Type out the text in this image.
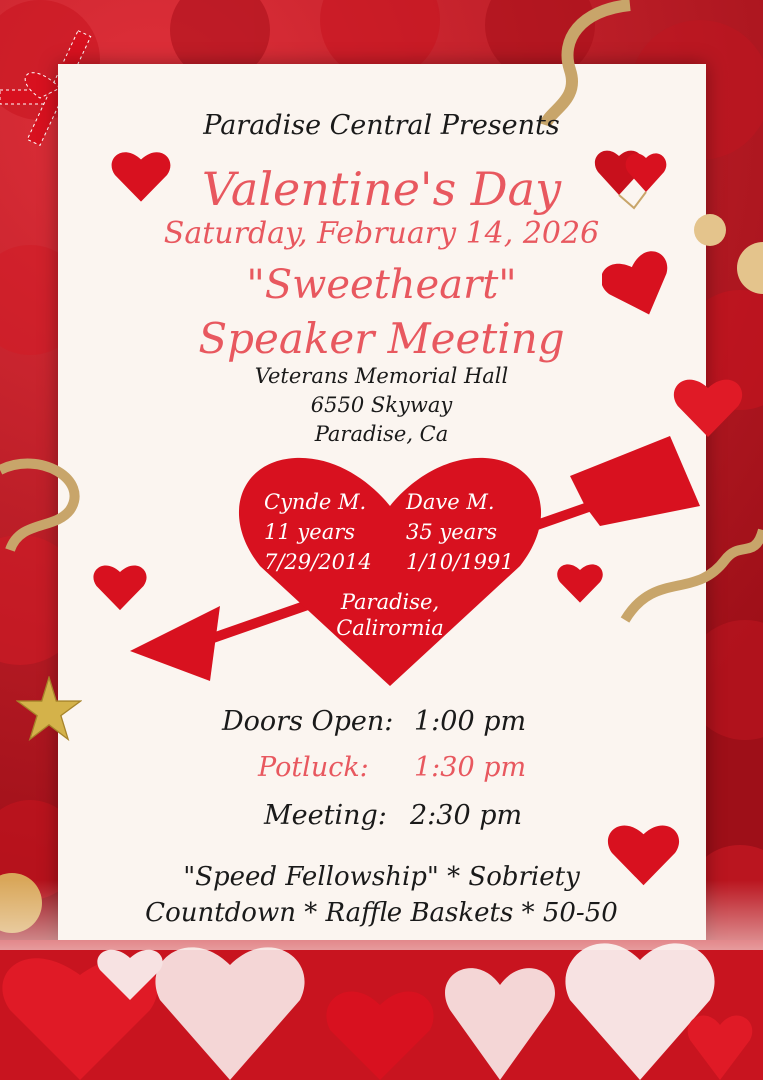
Paradise Central Presents
Valentine's Day
Saturday, February 14, 2026
"Sweetheart"
Speaker Meeting
Veterans Memorial Hall
6550 Skyway
Paradise, Ca
Cynde M.
11 years
7/29/2014
Dave M.
35 years
1/10/1991
Paradise,
Calirornia
Doors Open: 1:00 pm
Potluck: 1:30 pm
Meeting: 2:30 pm
"Speed Fellowship" * Sobriety
Countdown * Raffle Baskets * 50-50
